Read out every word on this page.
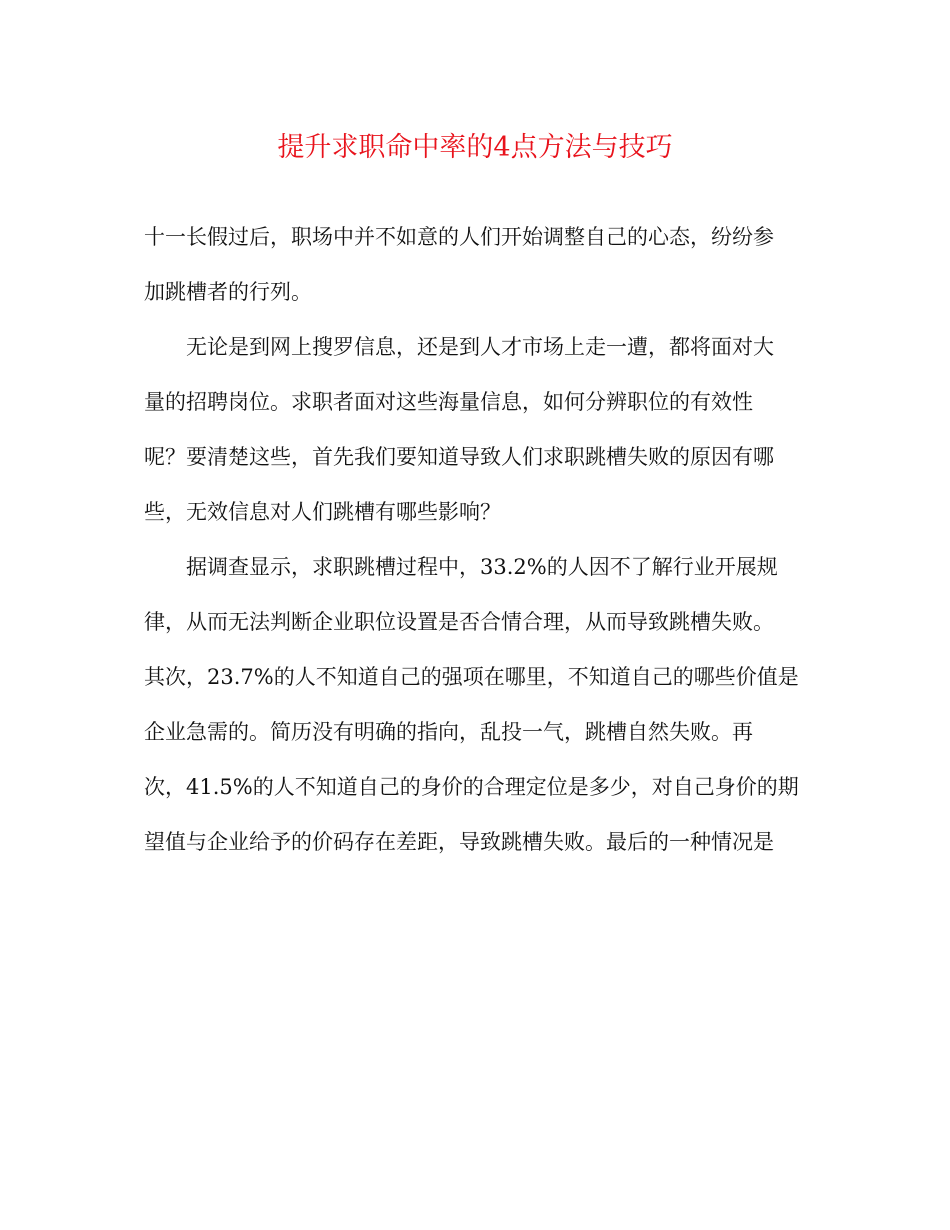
提升求职命中率的4点方法与技巧
十一长假过后，职场中并不如意的人们开始调整自己的心态，纷纷参
加跳槽者的行列。
无论是到网上搜罗信息，还是到人才市场上走一遭，都将面对大
量的招聘岗位。求职者面对这些海量信息，如何分辨职位的有效性
呢？要清楚这些，首先我们要知道导致人们求职跳槽失败的原因有哪
些，无效信息对人们跳槽有哪些影响？
据调查显示，求职跳槽过程中，33.2%的人因不了解行业开展规
律，从而无法判断企业职位设置是否合情合理，从而导致跳槽失败。
其次，23.7%的人不知道自己的强项在哪里，不知道自己的哪些价值是
企业急需的。简历没有明确的指向，乱投一气，跳槽自然失败。再
次，41.5%的人不知道自己的身价的合理定位是多少，对自己身价的期
望值与企业给予的价码存在差距，导致跳槽失败。最后的一种情况是
